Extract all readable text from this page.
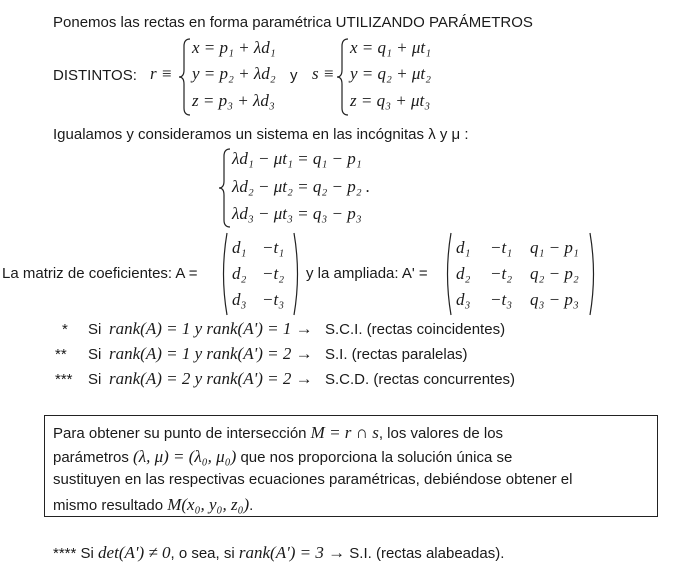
Ponemos las rectas en forma paramétrica UTILIZANDO PARÁMETROS
DISTINTOS: r ≡
x = p₁ + λd₁
y = p₂ + λd₂
z = p₃ + λd₃
y s ≡
x = q₁ + μt₁
y = q₂ + μt₂
z = q₃ + μt₃
Igualamos y consideramos un sistema en las incógnitas λ y μ :
λd₁ − μt₁ = q₁ − p₁
λd₂ − μt₂ = q₂ − p₂ .
λd₃ − μt₃ = q₃ − p₃
La matriz de coeficientes: A =
d₁ −t₁
d₂ −t₂
d₃ −t₃
y la ampliada: A' =
d₁ −t₁ q₁ − p₁
d₂ −t₂ q₂ − p₂
d₃ −t₃ q₃ − p₃
* Si rank(A) = 1 y rank(A') = 1 → S.C.I. (rectas coincidentes)
** Si rank(A) = 1 y rank(A') = 2 → S.I. (rectas paralelas)
*** Si rank(A) = 2 y rank(A') = 2 → S.C.D. (rectas concurrentes)
Para obtener su punto de intersección M = r ∩ s, los valores de los
parámetros (λ, μ) = (λ₀, μ₀) que nos proporciona la solución única se
sustituyen en las respectivas ecuaciones paramétricas, debiéndose obtener el
mismo resultado M(x₀, y₀, z₀).
**** Si det(A') ≠ 0, o sea, si rank(A') = 3 → S.I. (rectas alabeadas).
